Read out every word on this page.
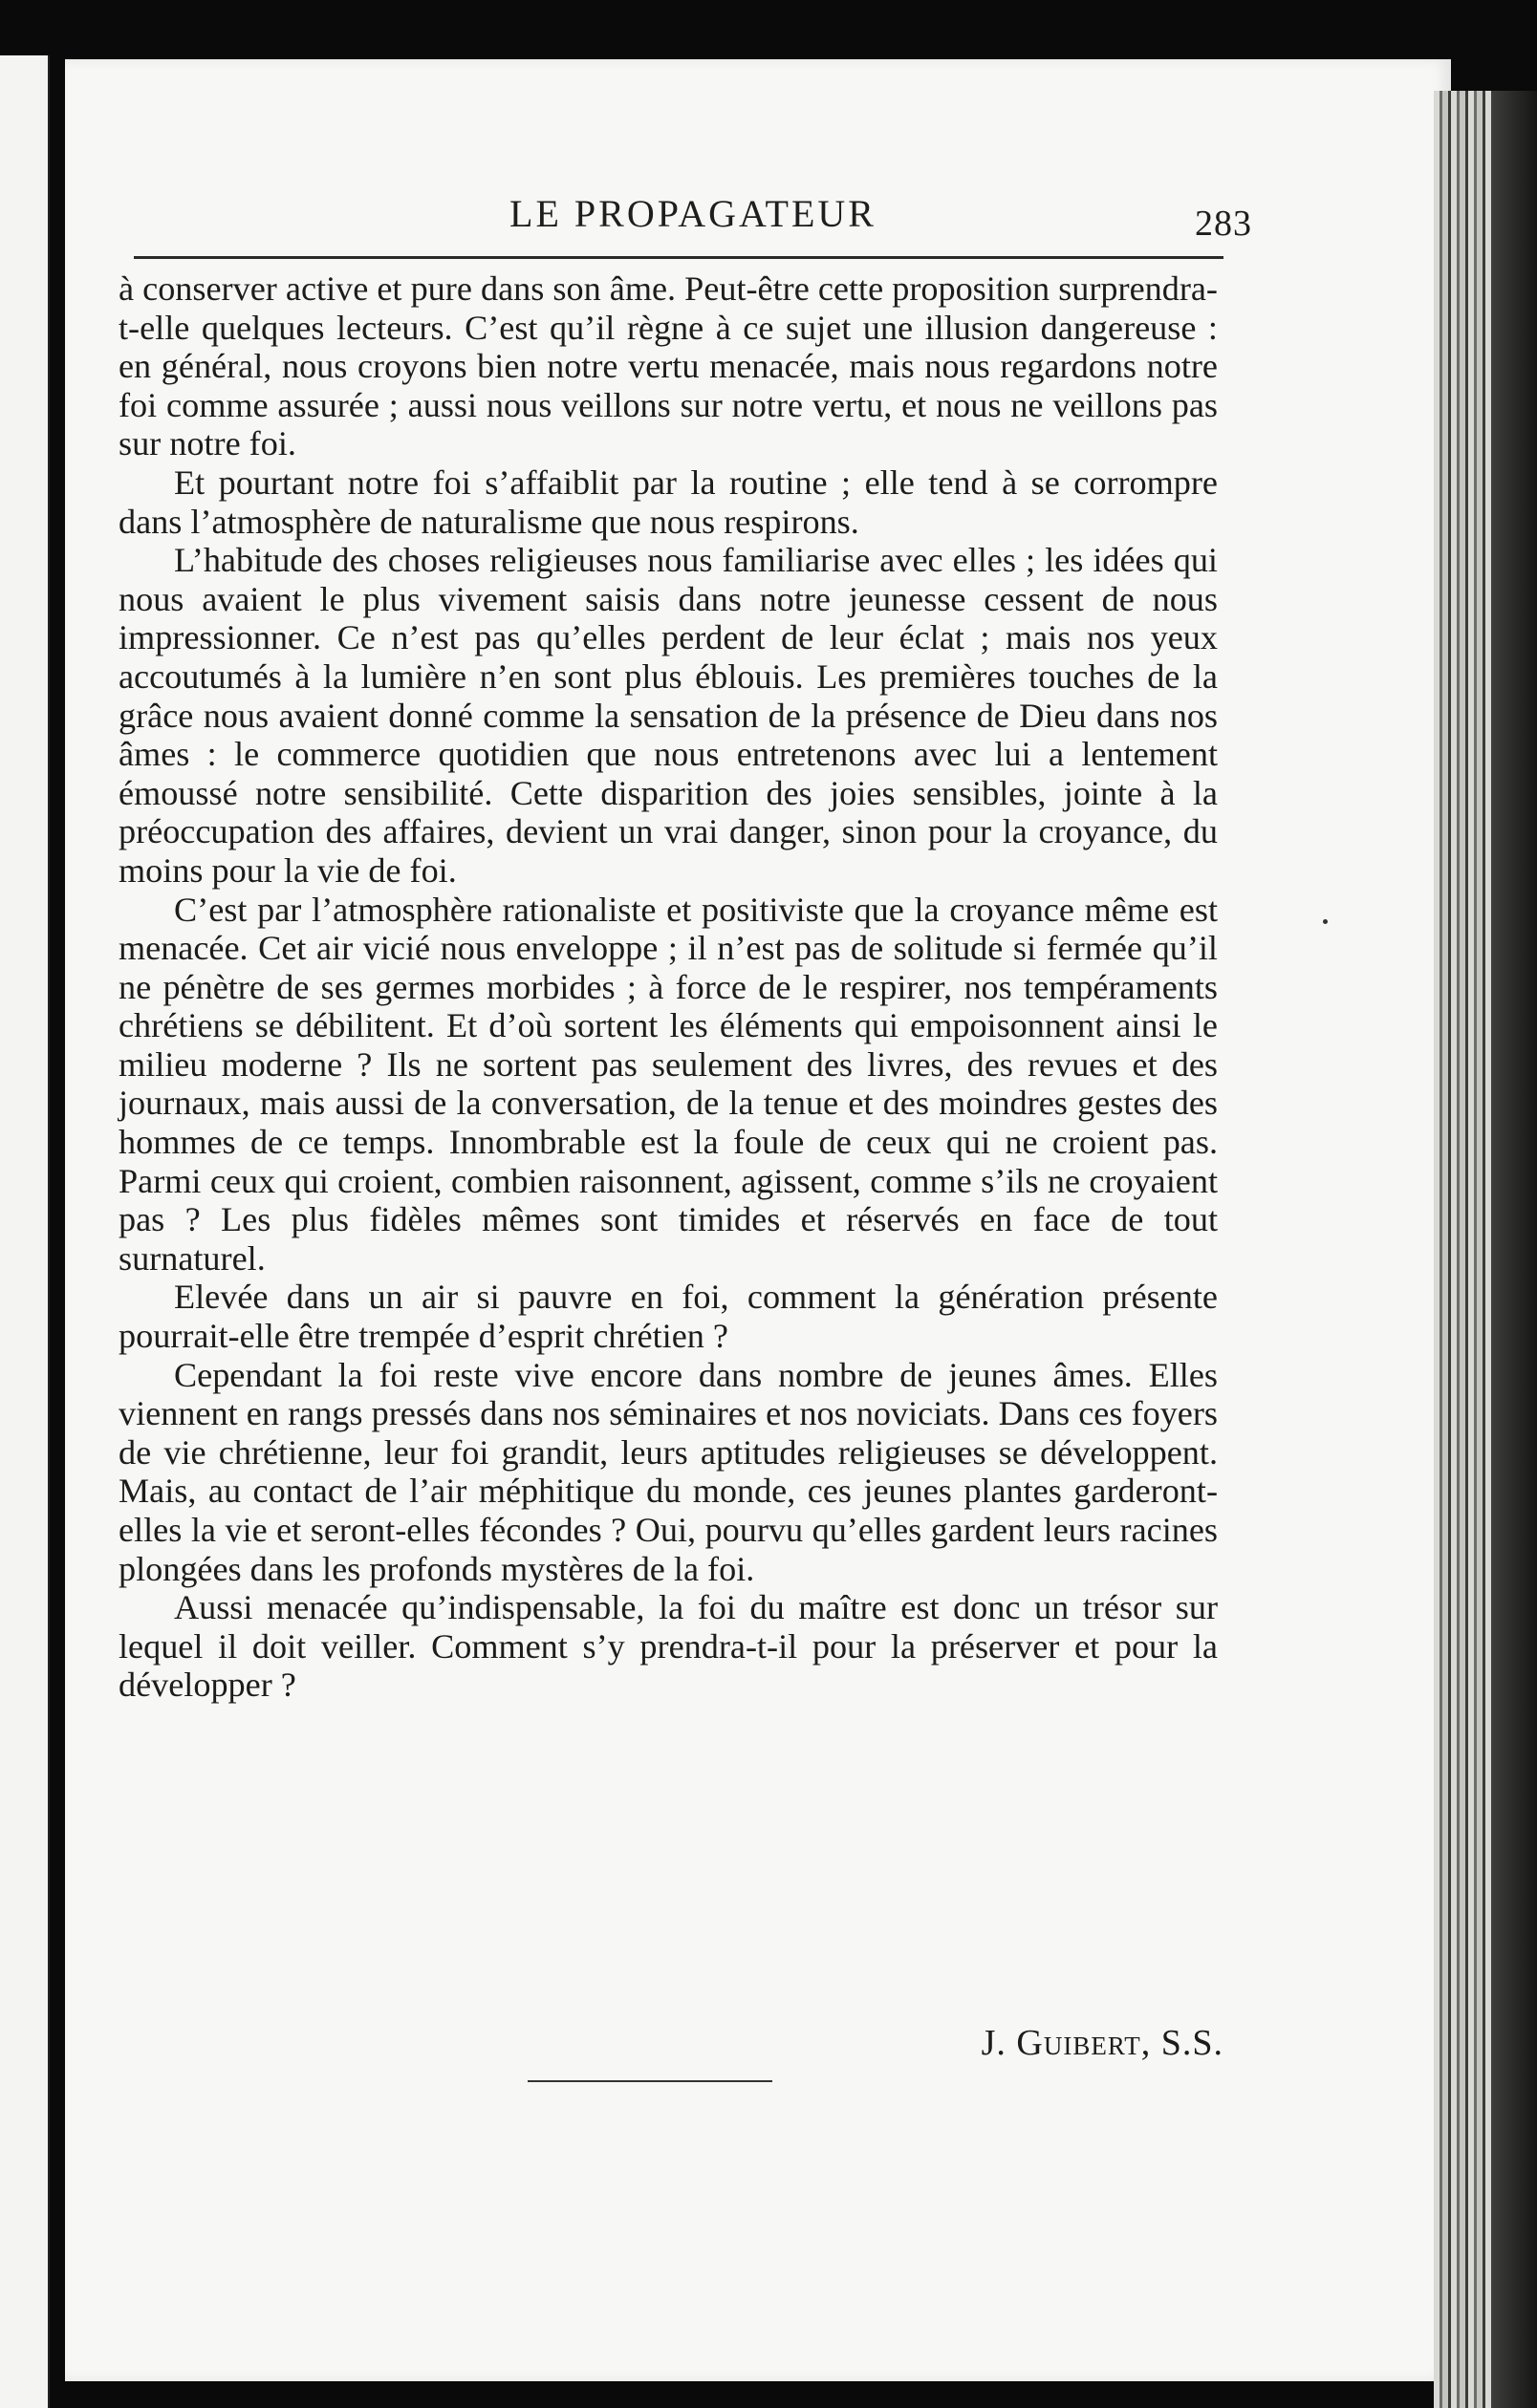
LE PROPAGATEUR	283

à conserver active et pure dans son âme. Peut-être cette proposition surprendra-t-elle quelques lecteurs. C’est qu’il règne à ce sujet une illusion dangereuse : en général, nous croyons bien notre vertu menacée, mais nous regardons notre foi comme assurée ; aussi nous veillons sur notre vertu, et nous ne veillons pas sur notre foi.

Et pourtant notre foi s’affaiblit par la routine ; elle tend à se corrompre dans l’atmosphère de naturalisme que nous respirons.

L’habitude des choses religieuses nous familiarise avec elles ; les idées qui nous avaient le plus vivement saisis dans notre jeunesse cessent de nous impressionner. Ce n’est pas qu’elles perdent de leur éclat ; mais nos yeux accoutumés à la lumière n’en sont plus éblouis. Les premières touches de la grâce nous avaient donné comme la sensation de la présence de Dieu dans nos âmes : le commerce quotidien que nous entretenons avec lui a lentement émoussé notre sensibilité. Cette disparition des joies sensibles, jointe à la préoccupation des affaires, devient un vrai danger, sinon pour la croyance, du moins pour la vie de foi.

C’est par l’atmosphère rationaliste et positiviste que la croyance même est menacée. Cet air vicié nous enveloppe ; il n’est pas de solitude si fermée qu’il ne pénètre de ses germes morbides ; à force de le respirer, nos tempéraments chrétiens se débilitent. Et d’où sortent les éléments qui empoisonnent ainsi le milieu moderne ? Ils ne sortent pas seulement des livres, des revues et des journaux, mais aussi de la conversation, de la tenue et des moindres gestes des hommes de ce temps. Innombrable est la foule de ceux qui ne croient pas. Parmi ceux qui croient, combien raisonnent, agissent, comme s’ils ne croyaient pas ? Les plus fidèles mêmes sont timides et réservés en face de tout surnaturel.

Elevée dans un air si pauvre en foi, comment la génération présente pourrait-elle être trempée d’esprit chrétien ?

Cependant la foi reste vive encore dans nombre de jeunes âmes. Elles viennent en rangs pressés dans nos séminaires et nos noviciats. Dans ces foyers de vie chrétienne, leur foi grandit, leurs aptitudes religieuses se développent. Mais, au contact de l’air méphitique du monde, ces jeunes plantes garderont-elles la vie et seront-elles fécondes ? Oui, pourvu qu’elles gardent leurs racines plongées dans les profonds mystères de la foi.

Aussi menacée qu’indispensable, la foi du maître est donc un trésor sur lequel il doit veiller. Comment s’y prendra-t-il pour la préserver et pour la développer ?

J. Guibert, S.S.
